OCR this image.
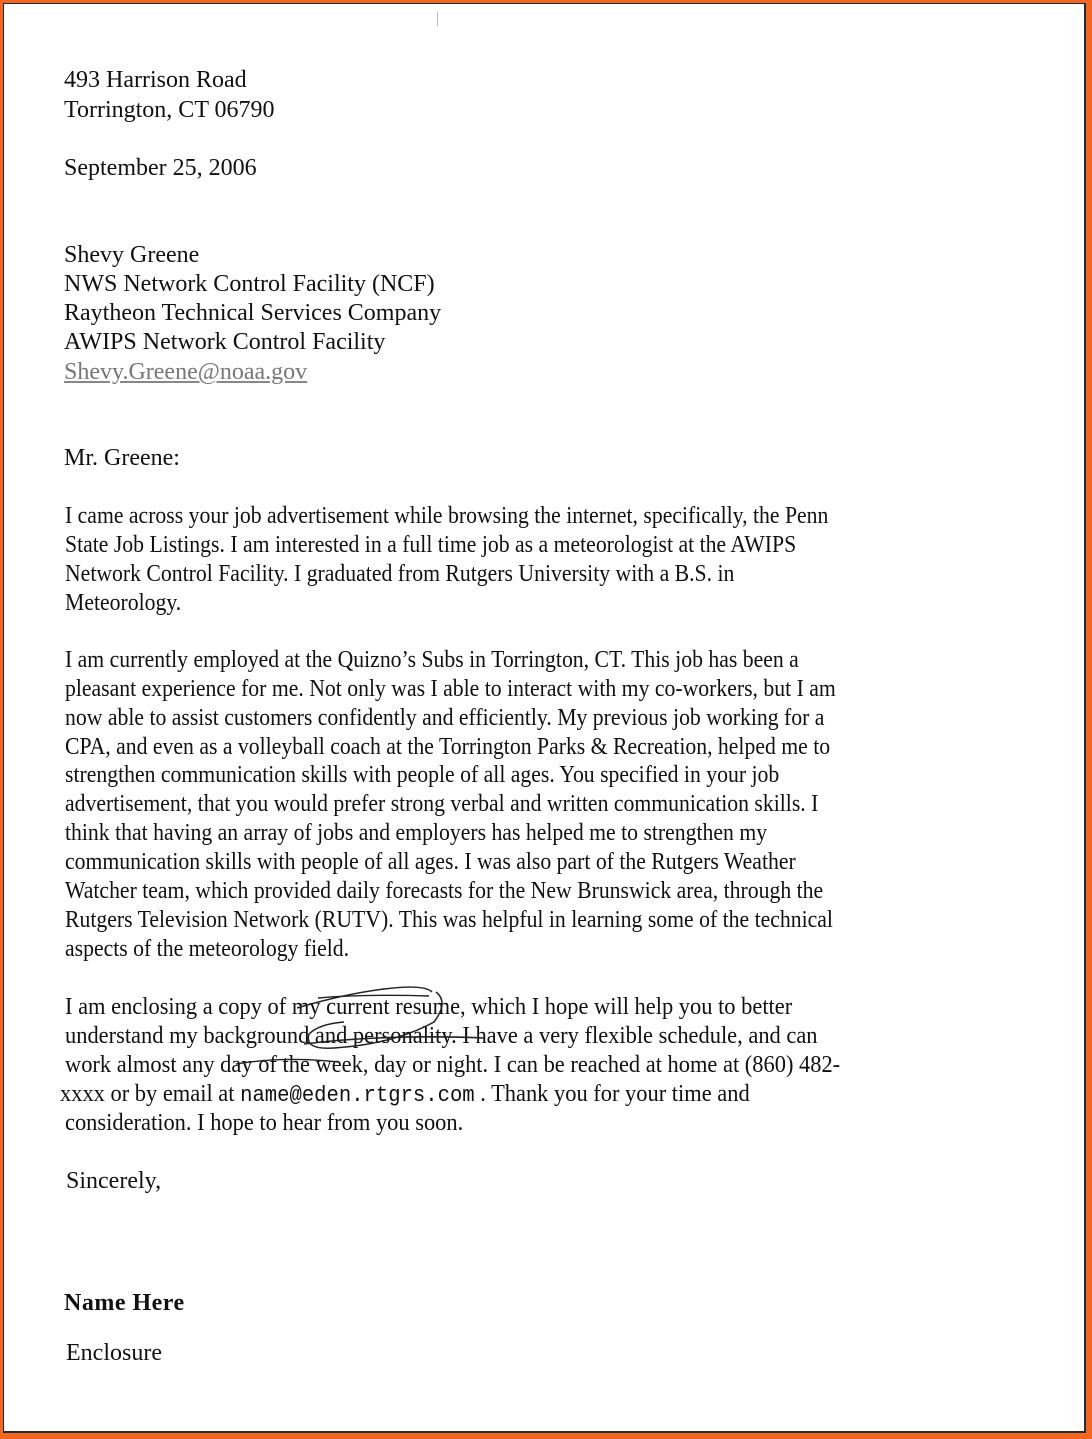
493 Harrison Road
Torrington, CT 06790
September 25, 2006
Shevy Greene
NWS Network Control Facility (NCF)
Raytheon Technical Services Company
AWIPS Network Control Facility
Shevy.Greene@noaa.gov
Mr. Greene:
I came across your job advertisement while browsing the internet, specifically, the Penn
State Job Listings. I am interested in a full time job as a meteorologist at the AWIPS
Network Control Facility. I graduated from Rutgers University with a B.S. in
Meteorology.
I am currently employed at the Quizno’s Subs in Torrington, CT. This job has been a
pleasant experience for me. Not only was I able to interact with my co-workers, but I am
now able to assist customers confidently and efficiently. My previous job working for a
CPA, and even as a volleyball coach at the Torrington Parks & Recreation, helped me to
strengthen communication skills with people of all ages. You specified in your job
advertisement, that you would prefer strong verbal and written communication skills. I
think that having an array of jobs and employers has helped me to strengthen my
communication skills with people of all ages. I was also part of the Rutgers Weather
Watcher team, which provided daily forecasts for the New Brunswick area, through the
Rutgers Television Network (RUTV). This was helpful in learning some of the technical
aspects of the meteorology field.
I am enclosing a copy of my current resume, which I hope will help you to better
understand my background and personality. I have a very flexible schedule, and can
work almost any day of the week, day or night. I can be reached at home at (860) 482-
xxxx or by email at name@eden.rtgrs.com . Thank you for your time and
consideration. I hope to hear from you soon.
Sincerely,
Name Here
Enclosure
